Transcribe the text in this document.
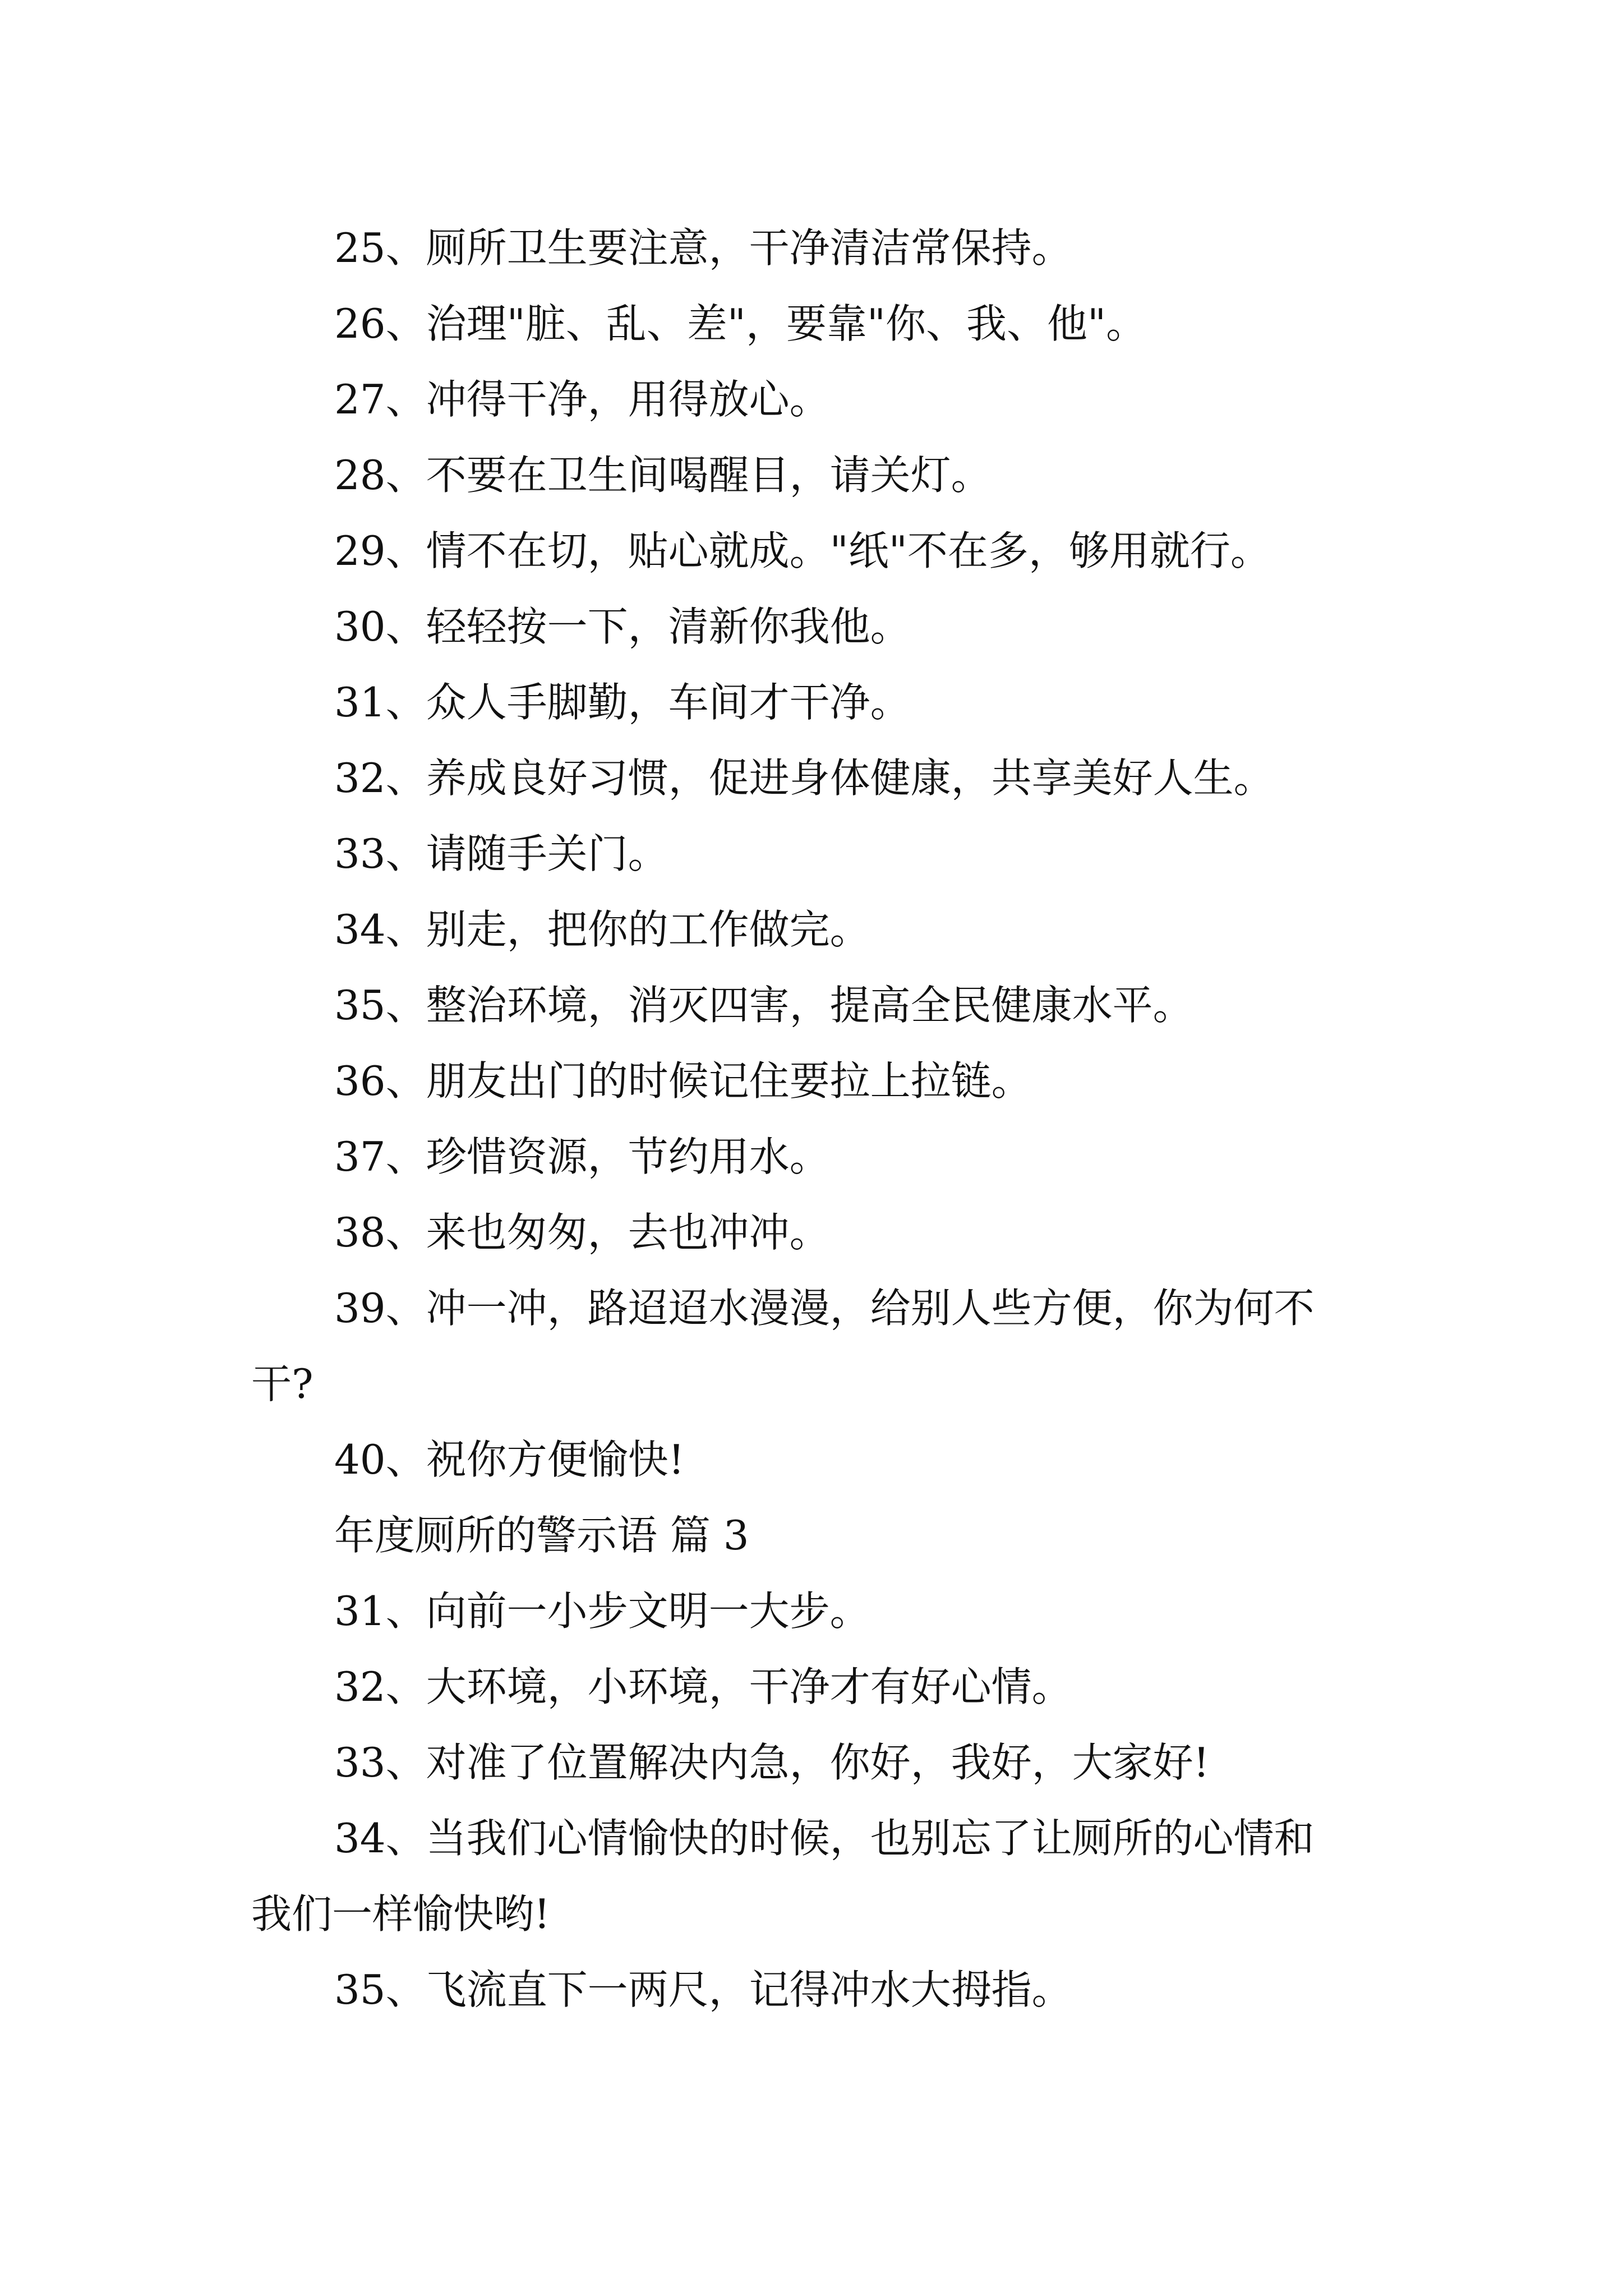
25、厕所卫生要注意，干净清洁常保持。
26、治理"脏、乱、差"，要靠"你、我、他"。
27、冲得干净，用得放心。
28、不要在卫生间喝醒目，请关灯。
29、情不在切，贴心就成。"纸"不在多，够用就行。
30、轻轻按一下，清新你我他。
31、众人手脚勤，车间才干净。
32、养成良好习惯，促进身体健康，共享美好人生。
33、请随手关门。
34、别走，把你的工作做完。
35、整治环境，消灭四害，提高全民健康水平。
36、朋友出门的时候记住要拉上拉链。
37、珍惜资源，节约用水。
38、来也匆匆，去也冲冲。
39、冲一冲，路迢迢水漫漫，给别人些方便，你为何不
干?
40、祝你方便愉快!
年度厕所的警示语 篇 3
31、向前一小步文明一大步。
32、大环境，小环境，干净才有好心情。
33、对准了位置解决内急，你好，我好，大家好!
34、当我们心情愉快的时候，也别忘了让厕所的心情和
我们一样愉快哟!
35、飞流直下一两尺，记得冲水大拇指。
